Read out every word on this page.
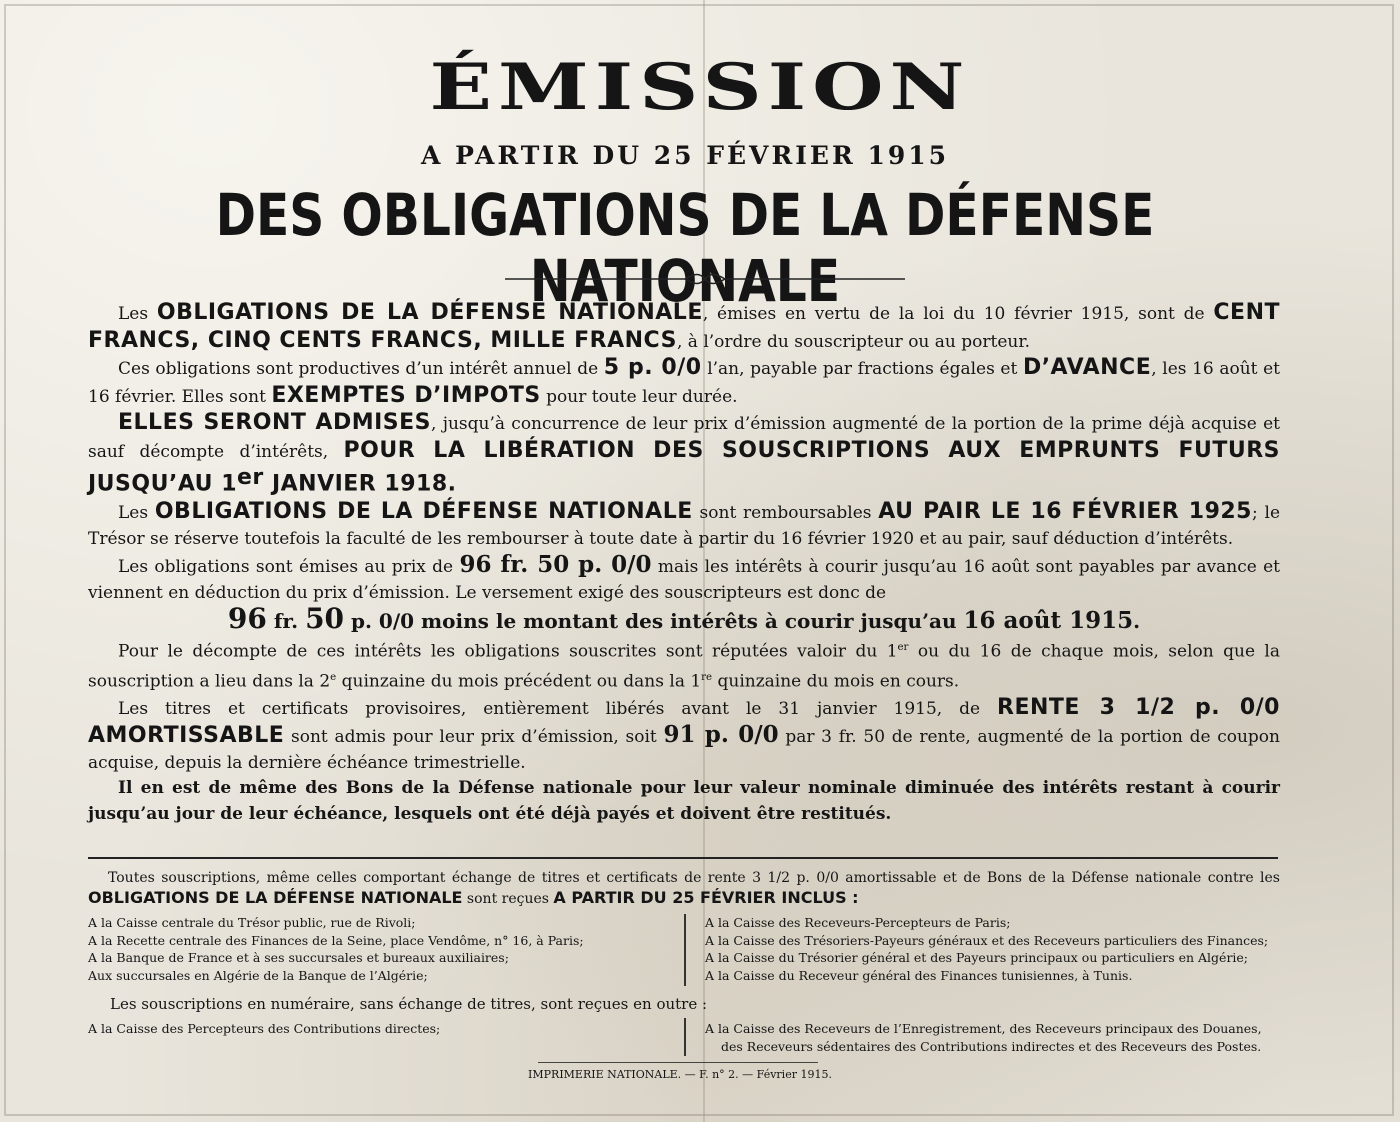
ÉMISSION
A PARTIR DU 25 FÉVRIER 1915
DES OBLIGATIONS DE LA DÉFENSE NATIONALE

Les OBLIGATIONS DE LA DÉFENSE NATIONALE, émises en vertu de la loi du 10 février 1915, sont de CENT FRANCS, CINQ CENTS FRANCS, MILLE FRANCS, à l’ordre du souscripteur ou au porteur.

Ces obligations sont productives d’un intérêt annuel de 5 p. 0/0 l’an, payable par fractions égales et D’AVANCE, les 16 août et 16 février. Elles sont EXEMPTES D’IMPOTS pour toute leur durée.

ELLES SERONT ADMISES, jusqu’à concurrence de leur prix d’émission augmenté de la portion de la prime déjà acquise et sauf décompte d’intérêts, POUR LA LIBÉRATION DES SOUSCRIPTIONS AUX EMPRUNTS FUTURS JUSQU’AU 1er JANVIER 1918.

Les OBLIGATIONS DE LA DÉFENSE NATIONALE sont remboursables AU PAIR LE 16 FÉVRIER 1925; le Trésor se réserve toutefois la faculté de les rembourser à toute date à partir du 16 février 1920 et au pair, sauf déduction d’intérêts.

Les obligations sont émises au prix de 96 fr. 50 p. 0/0 mais les intérêts à courir jusqu’au 16 août sont payables par avance et viennent en déduction du prix d’émission. Le versement exigé des souscripteurs est donc de

96 fr. 50 p. 0/0 moins le montant des intérêts à courir jusqu’au 16 août 1915.

Pour le décompte de ces intérêts les obligations souscrites sont réputées valoir du 1er ou du 16 de chaque mois, selon que la souscription a lieu dans la 2e quinzaine du mois précédent ou dans la 1re quinzaine du mois en cours.

Les titres et certificats provisoires, entièrement libérés avant le 31 janvier 1915, de RENTE 3 1/2 p. 0/0 AMORTISSABLE sont admis pour leur prix d’émission, soit 91 p. 0/0 par 3 fr. 50 de rente, augmenté de la portion de coupon acquise, depuis la dernière échéance trimestrielle.

Il en est de même des Bons de la Défense nationale pour leur valeur nominale diminuée des intérêts restant à courir jusqu’au jour de leur échéance, lesquels ont été déjà payés et doivent être restitués.

Toutes souscriptions, même celles comportant échange de titres et certificats de rente 3 1/2 p. 0/0 amortissable et de Bons de la Défense nationale contre les OBLIGATIONS DE LA DÉFENSE NATIONALE sont reçues A PARTIR DU 25 FÉVRIER INCLUS :

A la Caisse centrale du Trésor public, rue de Rivoli;
A la Recette centrale des Finances de la Seine, place Vendôme, n° 16, à Paris;
A la Banque de France et à ses succursales et bureaux auxiliaires;
Aux succursales en Algérie de la Banque de l’Algérie;
A la Caisse des Receveurs-Percepteurs de Paris;
A la Caisse des Trésoriers-Payeurs généraux et des Receveurs particuliers des Finances;
A la Caisse du Trésorier général et des Payeurs principaux ou particuliers en Algérie;
A la Caisse du Receveur général des Finances tunisiennes, à Tunis.
Les souscriptions en numéraire, sans échange de titres, sont reçues en outre :
A la Caisse des Percepteurs des Contributions directes;	A la Caisse des Receveurs de l’Enregistrement, des Receveurs principaux des Douanes,
des Receveurs sédentaires des Contributions indirectes et des Receveurs des Postes.
IMPRIMERIE NATIONALE. — F. n° 2. — Février 1915.
